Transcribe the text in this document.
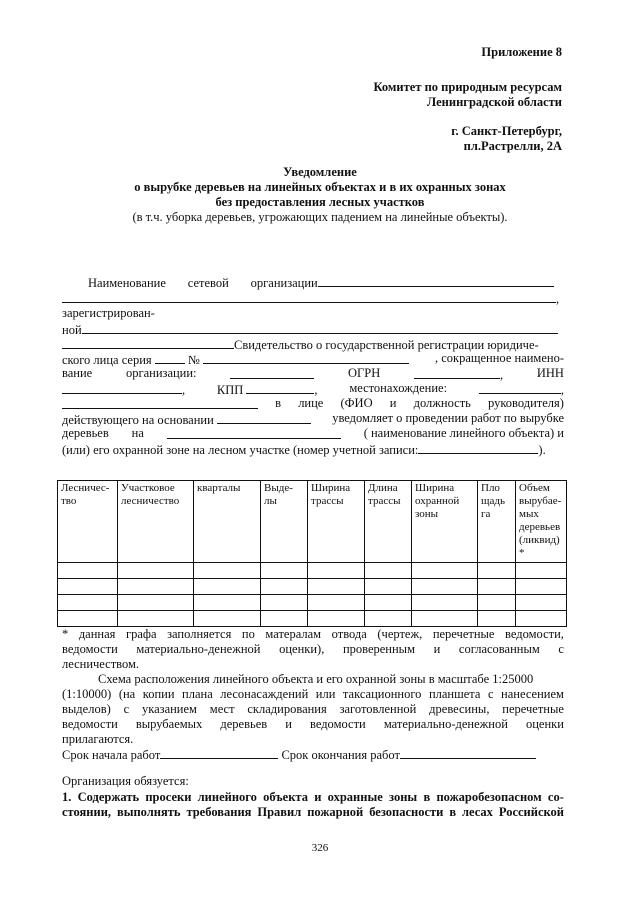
Приложение 8
Комитет по природным ресурсам
Ленинградской области
г. Санкт-Петербург,
пл.Растрелли, 2А
Уведомление
о вырубке деревьев на линейных объектах и в их охранных зонах
без предоставления лесных участков
(в т.ч. уборка деревьев, угрожающих падением на линейные объекты).
Наименование сетевой организации
,
зарегистрирован-
ной
Свидетельство о государственной регистрации юридиче-
ского лица серия	№	, сокращенное наимено-
вание	организации:	ОГРН	,	ИНН
,	КПП	,	местонахождение:	,
в лице (ФИО и должность руководителя)
действующего на основании	уведомляет о проведении работ по вырубке
деревьев на	( наименование линейного объекта) и
(или) его охранной зоне на лесном участке (номер учетной записи:	).
Лесничес-тво	Участковое лесничество	кварталы	Выде-лы	Ширина трассы	Длина трассы	Ширина охранной зоны	Пло щадь га	Объем вырубае-мых деревьев (ликвид) *

* данная графа заполняется по матералам отвода (чертеж, перечетные ведомости,
ведомости материально-денежной оценки), проверенным и согласованным с
лесничеством.
Схема расположения линейного объекта и его охранной зоны в масштабе 1:25000
(1:10000) (на копии плана лесонасаждений или таксационного планшета с нанесением
выделов) с указанием мест складирования заготовленной древесины, перечетные
ведомости вырубаемых деревьев и ведомости материально-денежной оценки
прилагаются.
Срок начала работ	Срок окончания работ
Организация обязуется:
1. Содержать просеки линейного объекта и охранные зоны в пожаробезопасном со-
стоянии, выполнять требования Правил пожарной безопасности в лесах Российской
326
